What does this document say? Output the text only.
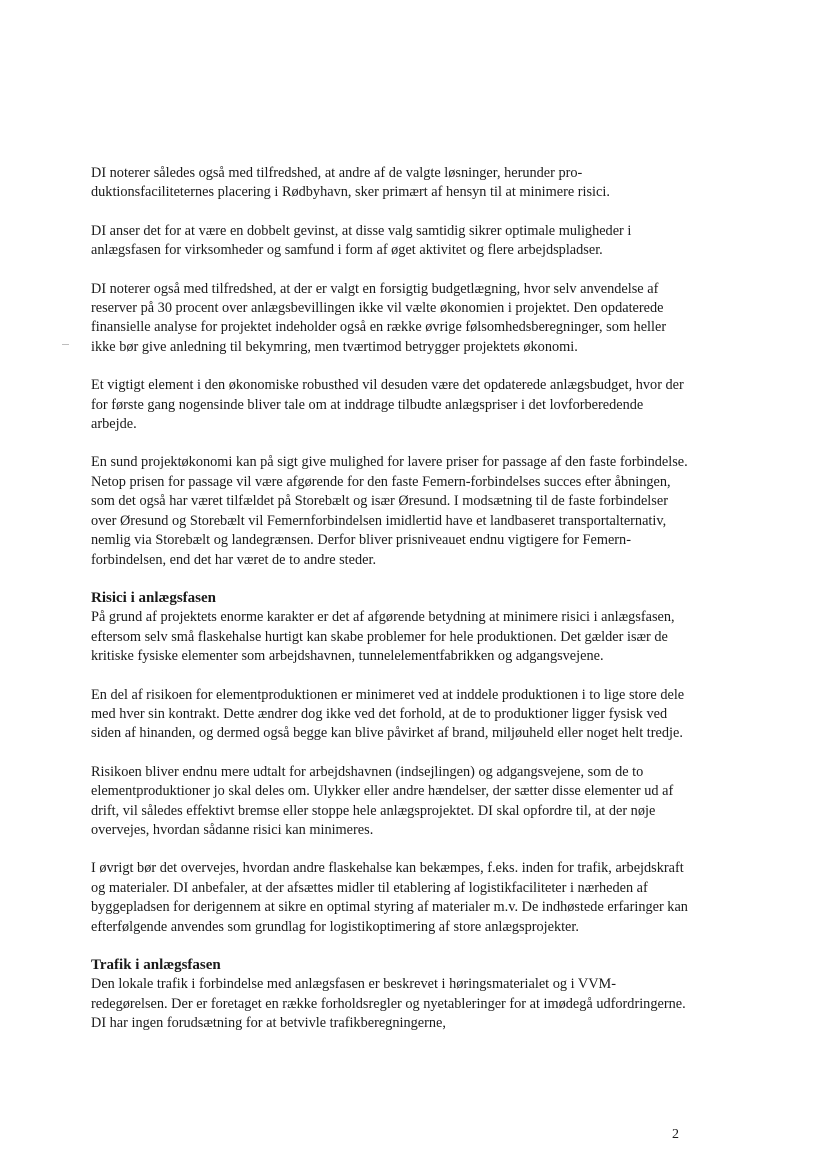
DI noterer således også med tilfredshed, at andre af de valgte løsninger, herunder produktionsfaciliteternes placering i Rødbyhavn, sker primært af hensyn til at minimere risici.

DI anser det for at være en dobbelt gevinst, at disse valg samtidig sikrer optimale muligheder i anlægsfasen for virksomheder og samfund i form af øget aktivitet og flere arbejdspladser.

DI noterer også med tilfredshed, at der er valgt en forsigtig budgetlægning, hvor selv anvendelse af reserver på 30 procent over anlægsbevillingen ikke vil vælte økonomien i projektet. Den opdaterede finansielle analyse for projektet indeholder også en række øvrige følsomhedsberegninger, som heller ikke bør give anledning til bekymring, men tværtimod betrygger projektets økonomi.

Et vigtigt element i den økonomiske robusthed vil desuden være det opdaterede anlægsbudget, hvor der for første gang nogensinde bliver tale om at inddrage tilbudte anlægspriser i det lovforberedende arbejde.

En sund projektøkonomi kan på sigt give mulighed for lavere priser for passage af den faste forbindelse. Netop prisen for passage vil være afgørende for den faste Femern-forbindelses succes efter åbningen, som det også har været tilfældet på Storebælt og især Øresund. I modsætning til de faste forbindelser over Øresund og Storebælt vil Femernforbindelsen imidlertid have et landbaseret transportalternativ, nemlig via Storebælt og landegrænsen. Derfor bliver prisniveauet endnu vigtigere for Femern-forbindelsen, end det har været de to andre steder.

Risici i anlægsfasen

På grund af projektets enorme karakter er det af afgørende betydning at minimere risici i anlægsfasen, eftersom selv små flaskehalse hurtigt kan skabe problemer for hele produktionen. Det gælder især de kritiske fysiske elementer som arbejdshavnen, tunnelelementfabrikken og adgangsvejene.

En del af risikoen for elementproduktionen er minimeret ved at inddele produktionen i to lige store dele med hver sin kontrakt. Dette ændrer dog ikke ved det forhold, at de to produktioner ligger fysisk ved siden af hinanden, og dermed også begge kan blive påvirket af brand, miljøuheld eller noget helt tredje.

Risikoen bliver endnu mere udtalt for arbejdshavnen (indsejlingen) og adgangsvejene, som de to elementproduktioner jo skal deles om. Ulykker eller andre hændelser, der sætter disse elementer ud af drift, vil således effektivt bremse eller stoppe hele anlægsprojektet. DI skal opfordre til, at der nøje overvejes, hvordan sådanne risici kan minimeres.

I øvrigt bør det overvejes, hvordan andre flaskehalse kan bekæmpes, f.eks. inden for trafik, arbejdskraft og materialer. DI anbefaler, at der afsættes midler til etablering af logistikfaciliteter i nærheden af byggepladsen for derigennem at sikre en optimal styring af materialer m.v. De indhøstede erfaringer kan efterfølgende anvendes som grundlag for logistikoptimering af store anlægsprojekter.

Trafik i anlægsfasen

Den lokale trafik i forbindelse med anlægsfasen er beskrevet i høringsmaterialet og i VVM-redegørelsen. Der er foretaget en række forholdsregler og nyetableringer for at imødegå udfordringerne. DI har ingen forudsætning for at betvivle trafikberegningerne,

2
